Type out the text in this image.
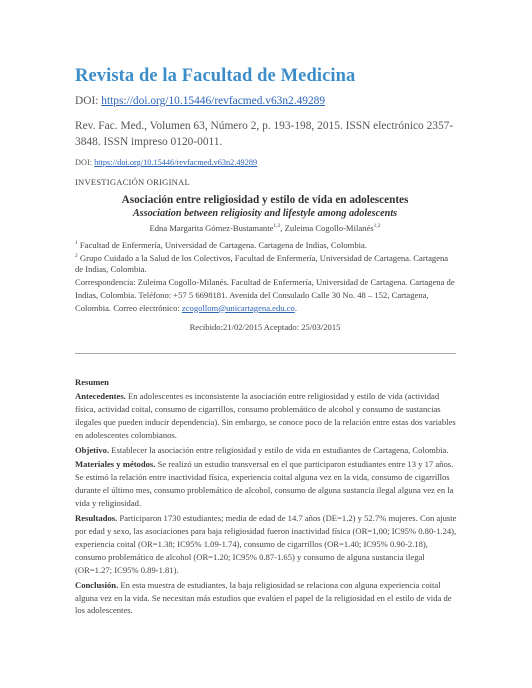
Revista de la Facultad de Medicina
DOI: https://doi.org/10.15446/revfacmed.v63n2.49289
Rev. Fac. Med., Volumen 63, Número 2, p. 193-198, 2015. ISSN electrónico 2357-3848. ISSN impreso 0120-0011.
DOI: https://doi.org/10.15446/revfacmed.v63n2.49289
INVESTIGACIÓN ORIGINAL
Asociación entre religiosidad y estilo de vida en adolescentes
Association between religiosity and lifestyle among adolescents
Edna Margarita Gómez-Bustamante$^{1,2}$, Zuleima Cogollo-Milanés$^{1,2}$
$^1$ Facultad de Enfermería, Universidad de Cartagena. Cartagena de Indias, Colombia.
$^2$ Grupo Cuidado a la Salud de los Colectivos, Facultad de Enfermería, Universidad de Cartagena. Cartagena de Indias, Colombia.
Correspondencia: Zuleima Cogollo-Milanés. Facultad de Enfermería, Universidad de Cartagena. Cartagena de Indias, Colombia. Teléfono: +57 5 6698181. Avenida del Consulado Calle 30 No. 48 – 152, Cartagena, Colombia. Correo electrónico: zcogollom@unicartagena.edu.co.
Recibido:21/02/2015 Aceptado: 25/03/2015
Resumen

Antecedentes. En adolescentes es inconsistente la asociación entre religiosidad y estilo de vida (actividad física, actividad coital, consumo de cigarrillos, consumo problemático de alcohol y consumo de sustancias ilegales que pueden inducir dependencia). Sin embargo, se conoce poco de la relación entre estas dos variables en adolescentes colombianos.

Objetivo. Establecer la asociación entre religiosidad y estilo de vida en estudiantes de Cartagena, Colombia.

Materiales y métodos. Se realizó un estudio transversal en el que participaron estudiantes entre 13 y 17 años. Se estimó la relación entre inactividad física, experiencia coital alguna vez en la vida, consumo de cigarrillos durante el último mes, consumo problemático de alcohol, consumo de alguna sustancia ilegal alguna vez en la vida y religiosidad.

Resultados. Participaron 1730 estudiantes; media de edad de 14.7 años (DE=1.2) y 52.7% mujeres. Con ajuste por edad y sexo, las asociaciones para baja religiosidad fueron inactividad física (OR=1,00; IC95% 0.80-1.24), experiencia coital (OR=1.38; IC95% 1.09-1.74), consumo de cigarrillos (OR=1.40; IC95% 0.90-2.18), consumo problemático de alcohol (OR=1.20; IC95% 0.87-1.65) y consumo de alguna sustancia ilegal (OR=1.27; IC95% 0.89-1.81).

Conclusión. En esta muestra de estudiantes, la baja religiosidad se relaciona con alguna experiencia coital alguna vez en la vida. Se necesitan más estudios que evalúen el papel de la religiosidad en el estilo de vida de los adolescentes.
